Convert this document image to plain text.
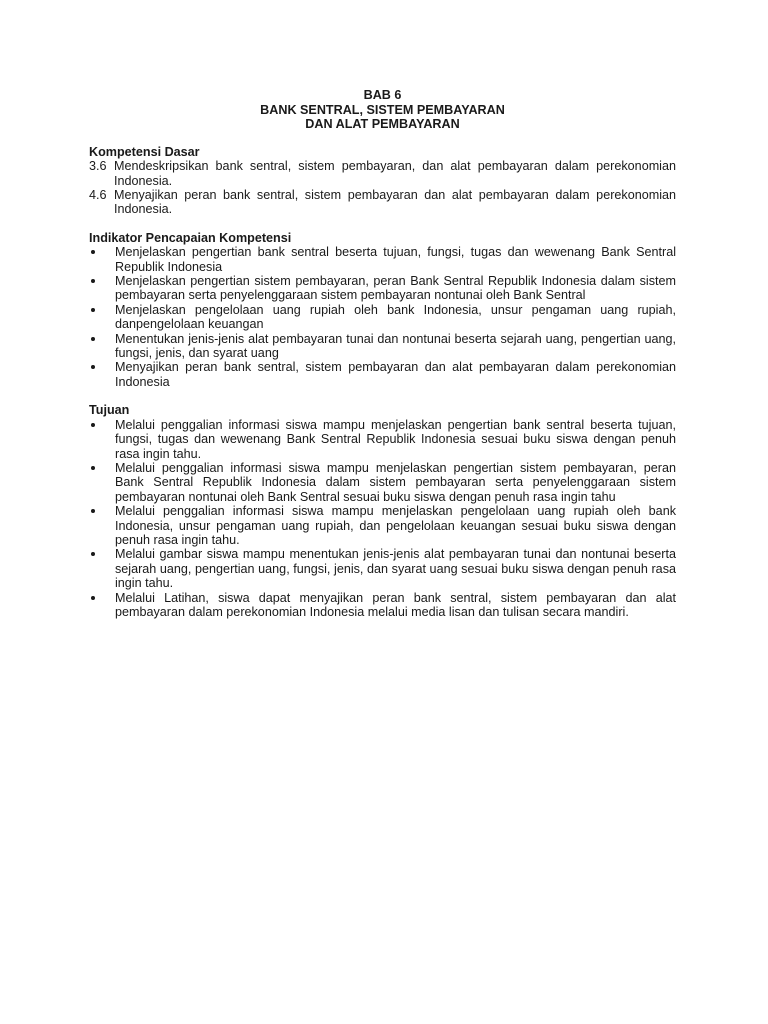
BAB 6
BANK SENTRAL, SISTEM PEMBAYARAN
DAN ALAT PEMBAYARAN
Kompetensi Dasar
3.6 Mendeskripsikan bank sentral, sistem pembayaran, dan alat pembayaran dalam perekonomian Indonesia.
4.6 Menyajikan peran bank sentral, sistem pembayaran dan alat pembayaran dalam perekonomian Indonesia.
Indikator Pencapaian Kompetensi
Menjelaskan pengertian bank sentral beserta tujuan, fungsi, tugas dan wewenang Bank Sentral Republik Indonesia
Menjelaskan pengertian sistem pembayaran, peran Bank Sentral Republik Indonesia dalam sistem pembayaran serta penyelenggaraan sistem pembayaran nontunai oleh Bank Sentral
Menjelaskan pengelolaan uang rupiah oleh bank Indonesia, unsur pengaman uang rupiah, danpengelolaan keuangan
Menentukan jenis-jenis alat pembayaran tunai dan nontunai beserta sejarah uang, pengertian uang, fungsi, jenis, dan syarat uang
Menyajikan peran bank sentral, sistem pembayaran dan alat pembayaran dalam perekonomian Indonesia
Tujuan
Melalui penggalian informasi siswa mampu menjelaskan pengertian bank sentral beserta tujuan, fungsi, tugas dan wewenang Bank Sentral Republik Indonesia sesuai buku siswa dengan penuh rasa ingin tahu.
Melalui penggalian informasi siswa mampu menjelaskan pengertian sistem pembayaran, peran Bank Sentral Republik Indonesia dalam sistem pembayaran serta penyelenggaraan sistem pembayaran nontunai oleh Bank Sentral sesuai buku siswa dengan penuh rasa ingin tahu
Melalui penggalian informasi siswa mampu menjelaskan pengelolaan uang rupiah oleh bank Indonesia, unsur pengaman uang rupiah, dan pengelolaan keuangan sesuai buku siswa dengan penuh rasa ingin tahu.
Melalui gambar siswa mampu menentukan jenis-jenis alat pembayaran tunai dan nontunai beserta sejarah uang, pengertian uang, fungsi, jenis, dan syarat uang sesuai buku siswa dengan penuh rasa ingin tahu.
Melalui Latihan, siswa dapat menyajikan peran bank sentral, sistem pembayaran dan alat pembayaran dalam perekonomian Indonesia melalui media lisan dan tulisan secara mandiri.
